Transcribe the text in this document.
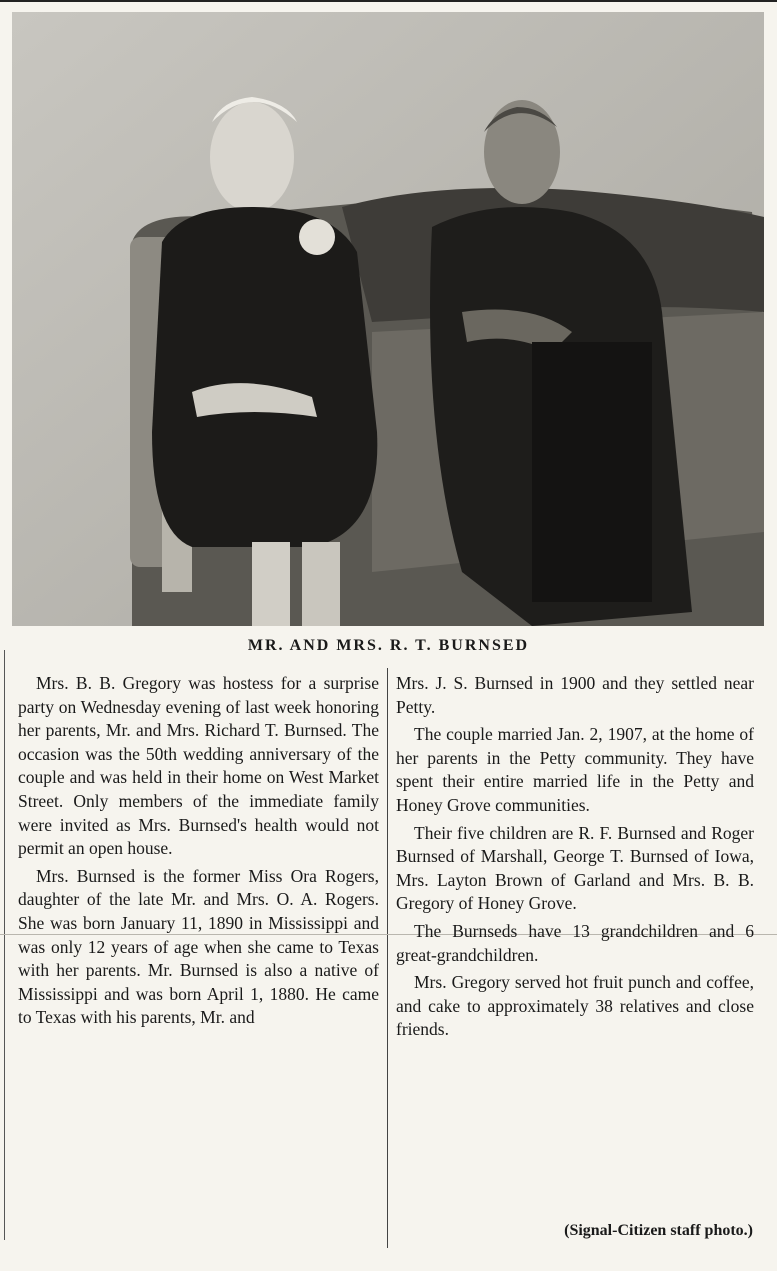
MR. AND MRS. R. T. BURNSED

Mrs. B. B. Gregory was hostess for a surprise party on Wednesday evening of last week honoring her parents, Mr. and Mrs. Richard T. Burnsed. The occasion was the 50th wedding anniversary of the couple and was held in their home on West Market Street. Only members of the immediate family were invited as Mrs. Burnsed's health would not permit an open house.

Mrs. Burnsed is the former Miss Ora Rogers, daughter of the late Mr. and Mrs. O. A. Rogers. She was born January 11, 1890 in Mississippi and was only 12 years of age when she came to Texas with her parents. Mr. Burnsed is also a native of Mississippi and was born April 1, 1880. He came to Texas with his parents, Mr. and

Mrs. J. S. Burnsed in 1900 and they settled near Petty.

The couple married Jan. 2, 1907, at the home of her parents in the Petty community. They have spent their entire married life in the Petty and Honey Grove communities.

Their five children are R. F. Burnsed and Roger Burnsed of Marshall, George T. Burnsed of Iowa, Mrs. Layton Brown of Garland and Mrs. B. B. Gregory of Honey Grove.

The Burnseds have 13 grandchildren and 6 great-grandchildren.

Mrs. Gregory served hot fruit punch and coffee, and cake to approximately 38 relatives and close friends.

(Signal-Citizen staff photo.)
